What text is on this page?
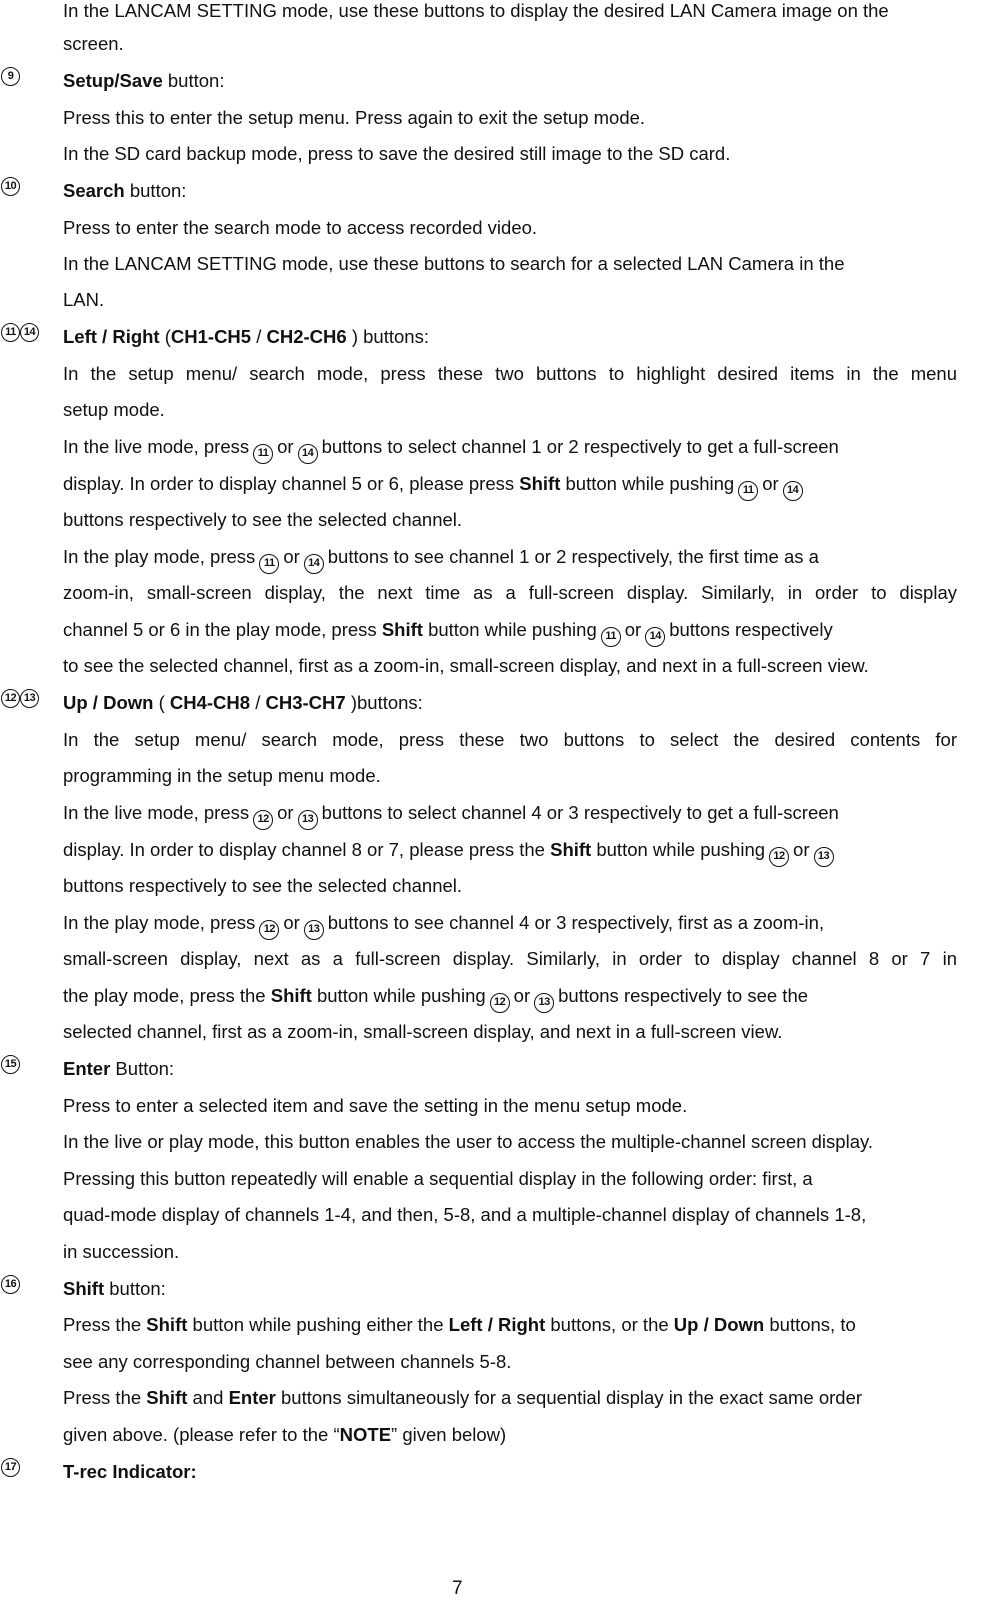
In the LANCAM SETTING mode, use these buttons to display the desired LAN Camera image on the
screen.
9	Setup/Save button:
Press this to enter the setup menu. Press again to exit the setup mode.
In the SD card backup mode, press to save the desired still image to the SD card.
10	Search button:
Press to enter the search mode to access recorded video.
In the LANCAM SETTING mode, use these buttons to search for a selected LAN Camera in the
LAN.
11 14 Left / Right (CH1-CH5 / CH2-CH6 ) buttons:
In the setup menu/ search mode, press these two buttons to highlight desired items in the menu
setup mode.
In the live mode, press 11 or 14 buttons to select channel 1 or 2 respectively to get a full-screen
display. In order to display channel 5 or 6, please press Shift button while pushing 11 or 14
buttons respectively to see the selected channel.
In the play mode, press 11 or 14 buttons to see channel 1 or 2 respectively, the first time as a
zoom-in, small-screen display, the next time as a full-screen display. Similarly, in order to display
channel 5 or 6 in the play mode, press Shift button while pushing 11 or 14 buttons respectively
to see the selected channel, first as a zoom-in, small-screen display, and next in a full-screen view.
12 13 Up / Down ( CH4-CH8 / CH3-CH7 )buttons:
In the setup menu/ search mode, press these two buttons to select the desired contents for
programming in the setup menu mode.
In the live mode, press 12 or 13 buttons to select channel 4 or 3 respectively to get a full-screen
display. In order to display channel 8 or 7, please press the Shift button while pushing 12 or 13
buttons respectively to see the selected channel.
In the play mode, press 12 or 13 buttons to see channel 4 or 3 respectively, first as a zoom-in,
small-screen display, next as a full-screen display. Similarly, in order to display channel 8 or 7 in
the play mode, press the Shift button while pushing 12 or 13 buttons respectively to see the
selected channel, first as a zoom-in, small-screen display, and next in a full-screen view.
15	Enter Button:
Press to enter a selected item and save the setting in the menu setup mode.
In the live or play mode, this button enables the user to access the multiple-channel screen display.
Pressing this button repeatedly will enable a sequential display in the following order: first, a
quad-mode display of channels 1-4, and then, 5-8, and a multiple-channel display of channels 1-8,
in succession.
16	Shift button:
Press the Shift button while pushing either the Left / Right buttons, or the Up / Down buttons, to
see any corresponding channel between channels 5-8.
Press the Shift and Enter buttons simultaneously for a sequential display in the exact same order
given above. (please refer to the “NOTE” given below)
17	T-rec Indicator:
7
